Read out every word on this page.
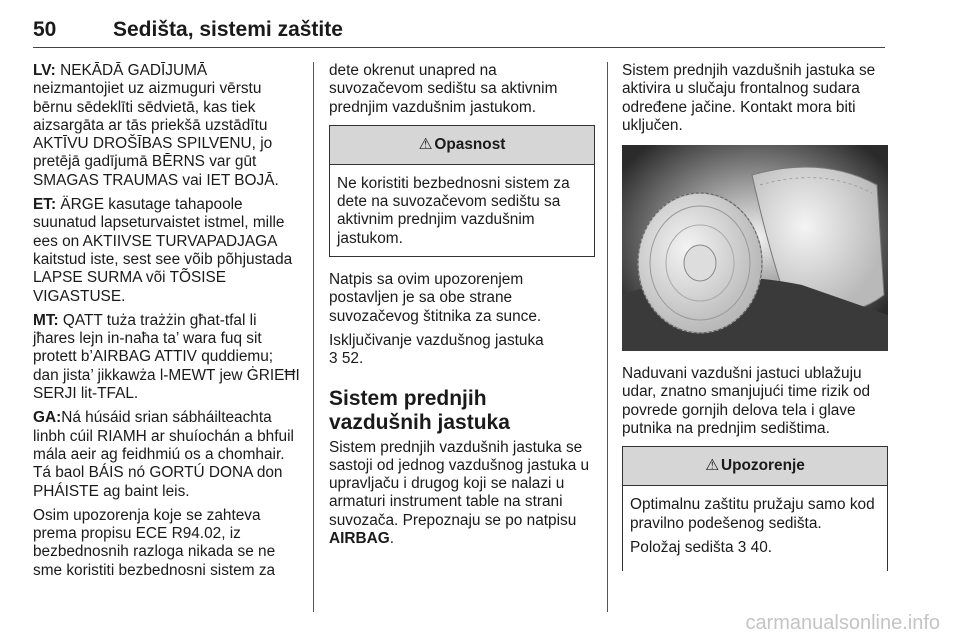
50	Sedišta, sistemi zaštite

LV: NEKĀDĀ GADĪJUMĀ neizmantojiet uz aizmuguri vērstu bērnu sēdeklīti sēdvietā, kas tiek aizsargāta ar tās priekšā uzstādītu AKTĪVU DROŠĪBAS SPILVENU, jo pretējā gadījumā BĒRNS var gūt SMAGAS TRAUMAS vai IET BOJĀ.

ET: ÄRGE kasutage tahapoole suunatud lapseturvaistet istmel, mille ees on AKTIIVSE TURVAPADJAGA kaitstud iste, sest see võib põhjustada LAPSE SURMA või TÕSISE VIGASTUSE.

MT: QATT tuża trażżin għat-tfal li jħares lejn in-naħa ta’ wara fuq sit protett b’AIRBAG ATTIV quddiemu; dan jista’ jikkawża l-MEWT jew ĠRIEĦI SERJI lit-TFAL.

GA:Ná húsáid srian sábháilteachta linbh cúil RIAMH ar shuíochán a bhfuil mála aeir ag feidhmiú os a chomhair. Tá baol BÁIS nó GORTÚ DONA don PHÁISTE ag baint leis.

Osim upozorenja koje se zahteva prema propisu ECE R94.02, iz bezbednosnih razloga nikada se ne sme koristiti bezbednosni sistem za

dete okrenut unapred na suvozačevom sedištu sa aktivnim prednjim vazdušnim jastukom.

⚠ Opasnost
Ne koristiti bezbednosni sistem za dete na suvozačevom sedištu sa aktivnim prednjim vazdušnim jastukom.

Natpis sa ovim upozorenjem postavljen je sa obe strane suvozačevog štitnika za sunce.

Isključivanje vazdušnog jastuka
3 52.

Sistem prednjih vazdušnih jastuka

Sistem prednjih vazdušnih jastuka se sastoji od jednog vazdušnog jastuka u upravljaču i drugog koji se nalazi u armaturi instrument table na strani suvozača. Prepoznaju se po natpisu AIRBAG.

Sistem prednjih vazdušnih jastuka se aktivira u slučaju frontalnog sudara određene jačine. Kontakt mora biti uključen.

Naduvani vazdušni jastuci ublažuju udar, znatno smanjujući time rizik od povrede gornjih delova tela i glave putnika na prednjim sedištima.

⚠ Upozorenje

Optimalnu zaštitu pružaju samo kod pravilno podešenog sedišta.

Položaj sedišta 3 40.

carmanualsonline.info
